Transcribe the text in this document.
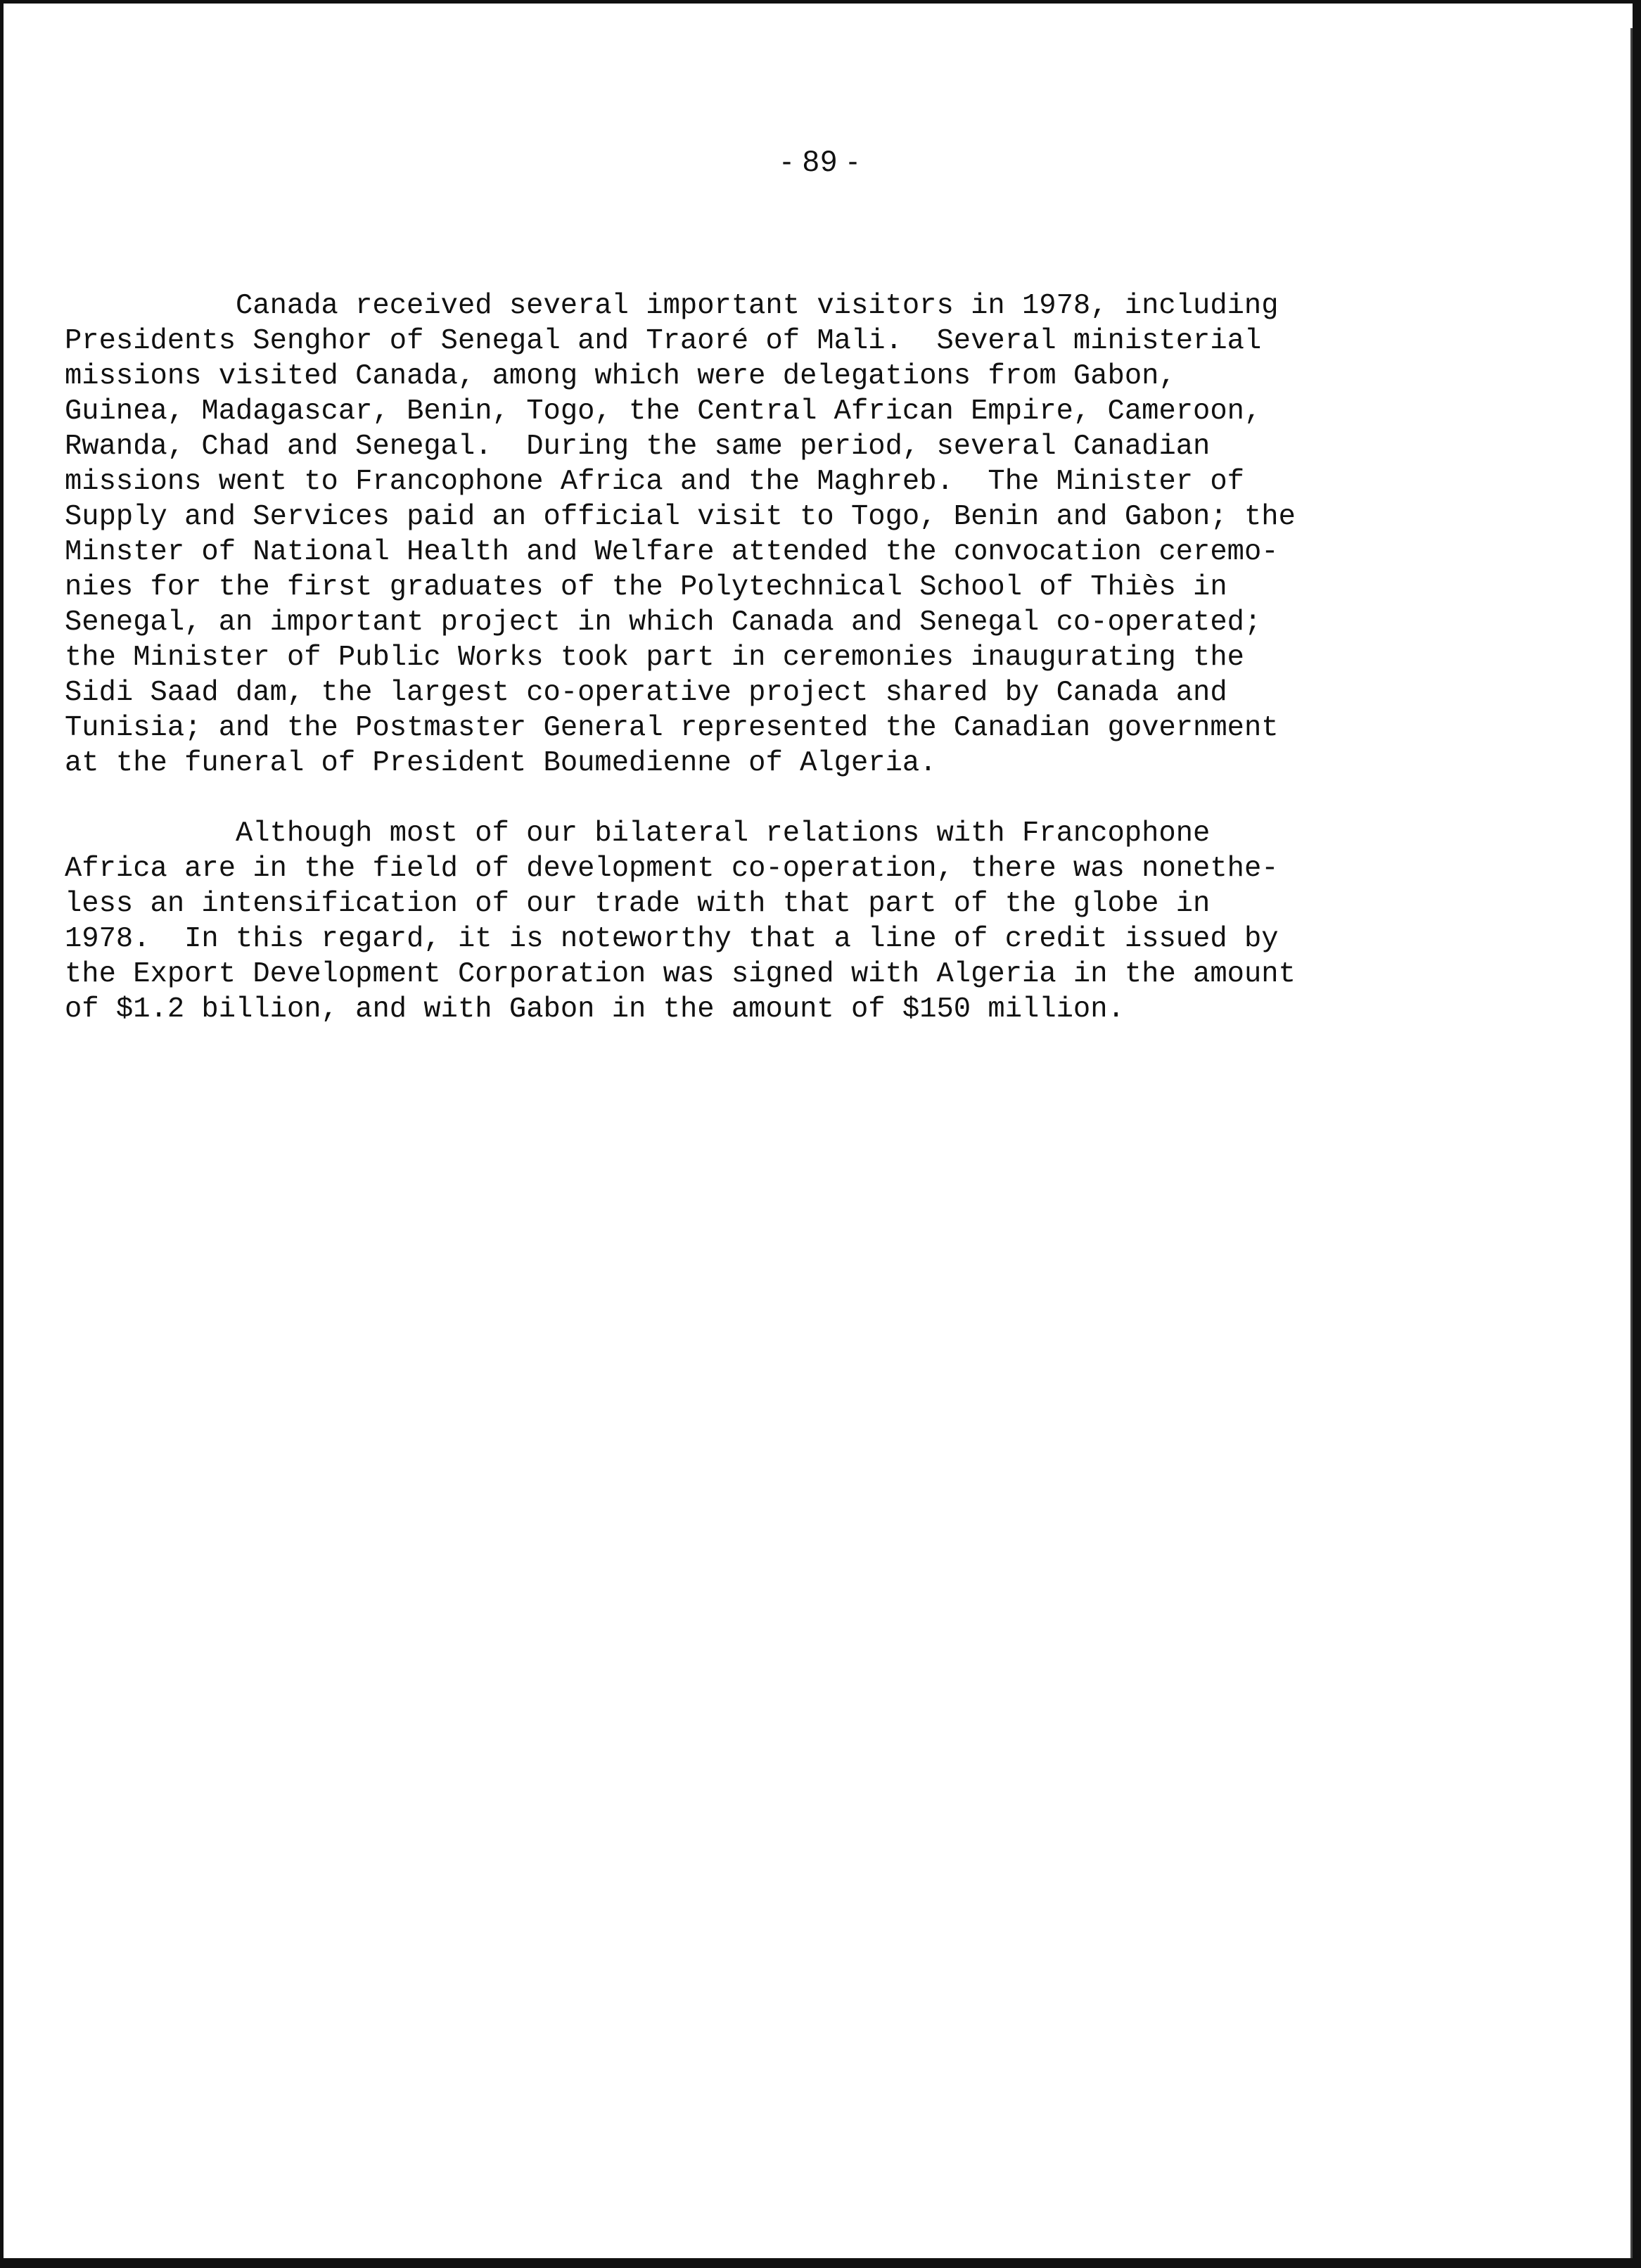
- 89 -

Canada received several important visitors in 1978, including
Presidents Senghor of Senegal and Traoré of Mali.  Several ministerial
missions visited Canada, among which were delegations from Gabon,
Guinea, Madagascar, Benin, Togo, the Central African Empire, Cameroon,
Rwanda, Chad and Senegal.  During the same period, several Canadian
missions went to Francophone Africa and the Maghreb.  The Minister of
Supply and Services paid an official visit to Togo, Benin and Gabon; the
Minster of National Health and Welfare attended the convocation ceremo-
nies for the first graduates of the Polytechnical School of Thiès in
Senegal, an important project in which Canada and Senegal co-operated;
the Minister of Public Works took part in ceremonies inaugurating the
Sidi Saad dam, the largest co-operative project shared by Canada and
Tunisia; and the Postmaster General represented the Canadian government
at the funeral of President Boumedienne of Algeria.

Although most of our bilateral relations with Francophone
Africa are in the field of development co-operation, there was nonethe-
less an intensification of our trade with that part of the globe in
1978.  In this regard, it is noteworthy that a line of credit issued by
the Export Development Corporation was signed with Algeria in the amount
of $1.2 billion, and with Gabon in the amount of $150 million.
